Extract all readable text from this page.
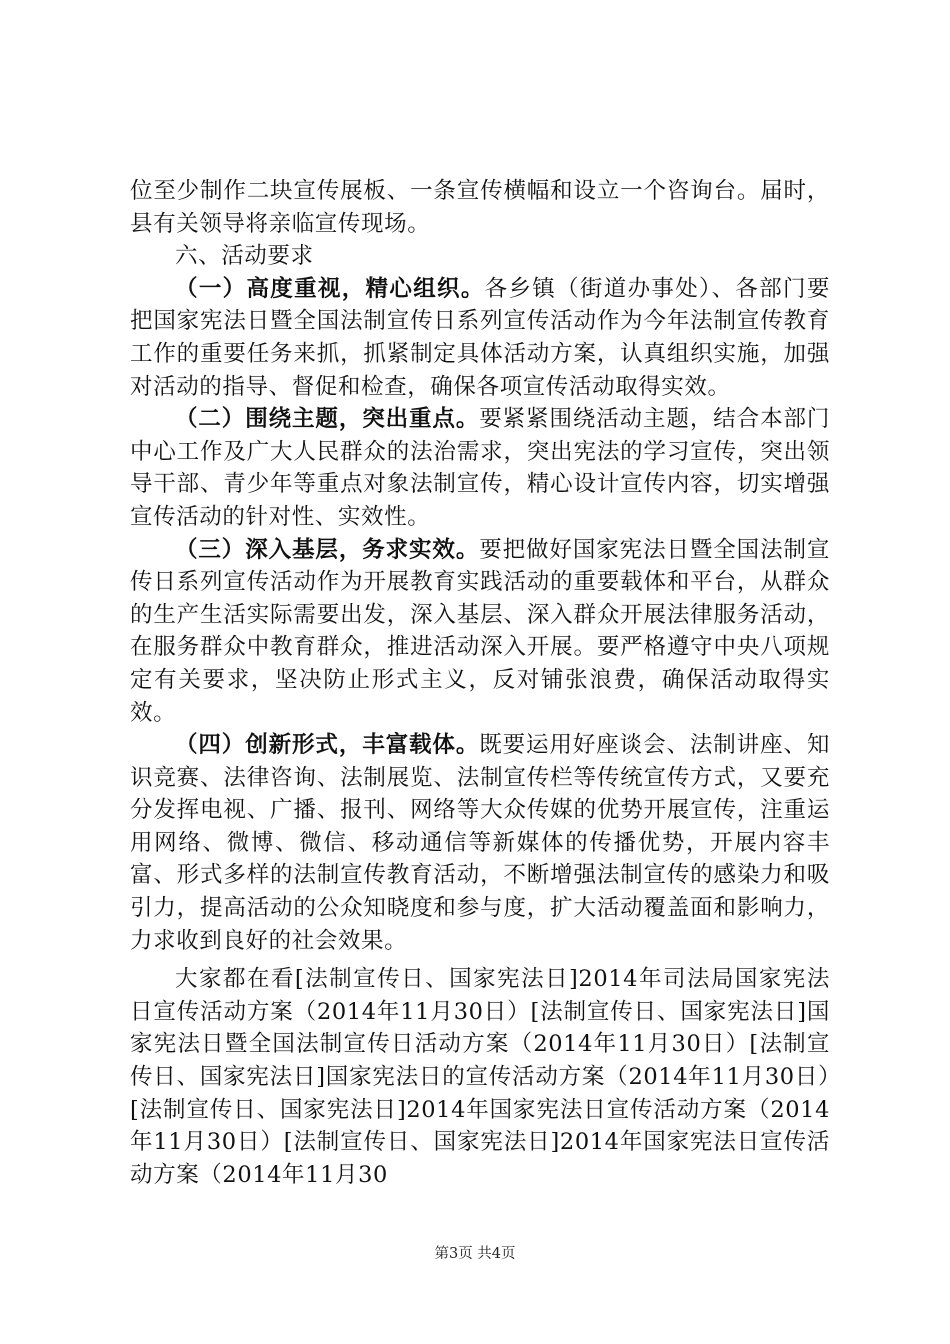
位至少制作二块宣传展板、一条宣传横幅和设立一个咨询台。届时，县有关领导将亲临宣传现场。

六、活动要求

（一）高度重视，精心组织。各乡镇（街道办事处）、各部门要把国家宪法日暨全国法制宣传日系列宣传活动作为今年法制宣传教育工作的重要任务来抓，抓紧制定具体活动方案，认真组织实施，加强对活动的指导、督促和检查，确保各项宣传活动取得实效。

（二）围绕主题，突出重点。要紧紧围绕活动主题，结合本部门中心工作及广大人民群众的法治需求，突出宪法的学习宣传，突出领导干部、青少年等重点对象法制宣传，精心设计宣传内容，切实增强宣传活动的针对性、实效性。

（三）深入基层，务求实效。要把做好国家宪法日暨全国法制宣传日系列宣传活动作为开展教育实践活动的重要载体和平台，从群众的生产生活实际需要出发，深入基层、深入群众开展法律服务活动，在服务群众中教育群众，推进活动深入开展。要严格遵守中央八项规定有关要求，坚决防止形式主义，反对铺张浪费，确保活动取得实效。

（四）创新形式，丰富载体。既要运用好座谈会、法制讲座、知识竞赛、法律咨询、法制展览、法制宣传栏等传统宣传方式，又要充分发挥电视、广播、报刊、网络等大众传媒的优势开展宣传，注重运用网络、微博、微信、移动通信等新媒体的传播优势，开展内容丰富、形式多样的法制宣传教育活动，不断增强法制宣传的感染力和吸引力，提高活动的公众知晓度和参与度，扩大活动覆盖面和影响力，力求收到良好的社会效果。

大家都在看[法制宣传日、国家宪法日]2014年司法局国家宪法日宣传活动方案（2014年11月30日）[法制宣传日、国家宪法日]国家宪法日暨全国法制宣传日活动方案（2014年11月30日）[法制宣传日、国家宪法日]国家宪法日的宣传活动方案（2014年11月30日）[法制宣传日、国家宪法日]2014年国家宪法日宣传活动方案（2014年11月30日）[法制宣传日、国家宪法日]2014年国家宪法日宣传活动方案（2014年11月30

第3页 共4页
